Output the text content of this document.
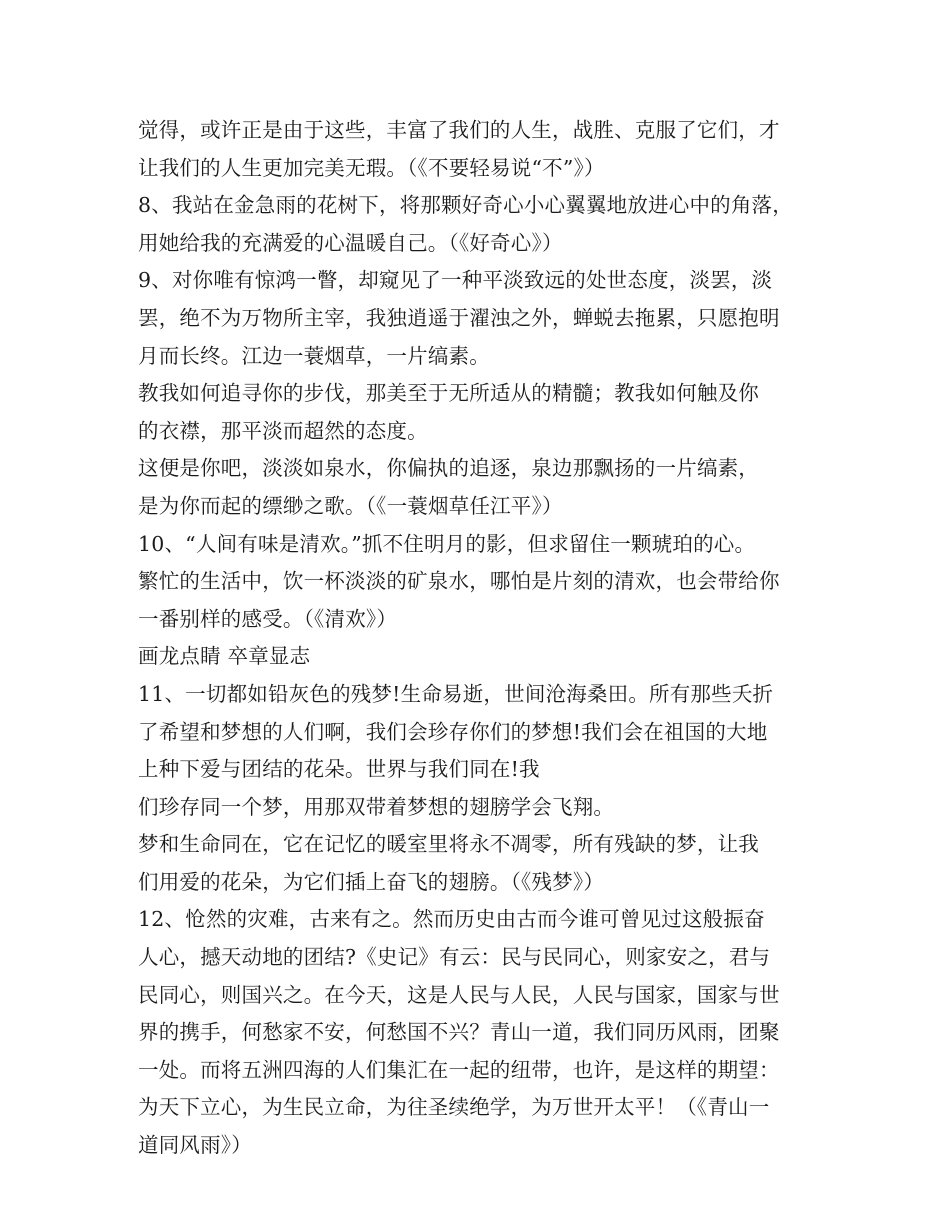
觉得，或许正是由于这些，丰富了我们的人生，战胜、克服了它们，才
让我们的人生更加完美无瑕。（《不要轻易说“不”》）
8、我站在金急雨的花树下，将那颗好奇心小心翼翼地放进心中的角落，
用她给我的充满爱的心温暖自己。（《好奇心》）
9、对你唯有惊鸿一瞥，却窥见了一种平淡致远的处世态度，淡罢，淡
罢，绝不为万物所主宰，我独逍遥于濯浊之外，蝉蜕去拖累，只愿抱明
月而长终。江边一蓑烟草，一片缟素。
教我如何追寻你的步伐，那美至于无所适从的精髓；教我如何触及你
的衣襟，那平淡而超然的态度。
这便是你吧，淡淡如泉水，你偏执的追逐，泉边那飘扬的一片缟素，
是为你而起的缥缈之歌。（《一蓑烟草任江平》）
10、“人间有味是清欢。”抓不住明月的影，但求留住一颗琥珀的心。
繁忙的生活中，饮一杯淡淡的矿泉水，哪怕是片刻的清欢，也会带给你
一番别样的感受。（《清欢》）
画龙点睛 卒章显志
11、一切都如铅灰色的残梦!生命易逝，世间沧海桑田。所有那些夭折
了希望和梦想的人们啊，我们会珍存你们的梦想!我们会在祖国的大地
上种下爱与团结的花朵。世界与我们同在!我
们珍存同一个梦，用那双带着梦想的翅膀学会飞翔。
梦和生命同在，它在记忆的暖室里将永不凋零，所有残缺的梦，让我
们用爱的花朵，为它们插上奋飞的翅膀。（《残梦》）
12、怆然的灾难，古来有之。然而历史由古而今谁可曾见过这般振奋
人心，撼天动地的团结?《史记》有云：民与民同心，则家安之，君与
民同心，则国兴之。在今天，这是人民与人民，人民与国家，国家与世
界的携手，何愁家不安，何愁国不兴？青山一道，我们同历风雨，团聚
一处。而将五洲四海的人们集汇在一起的纽带，也许，是这样的期望：
为天下立心，为生民立命，为往圣续绝学，为万世开太平！（《青山一
道同风雨》）
